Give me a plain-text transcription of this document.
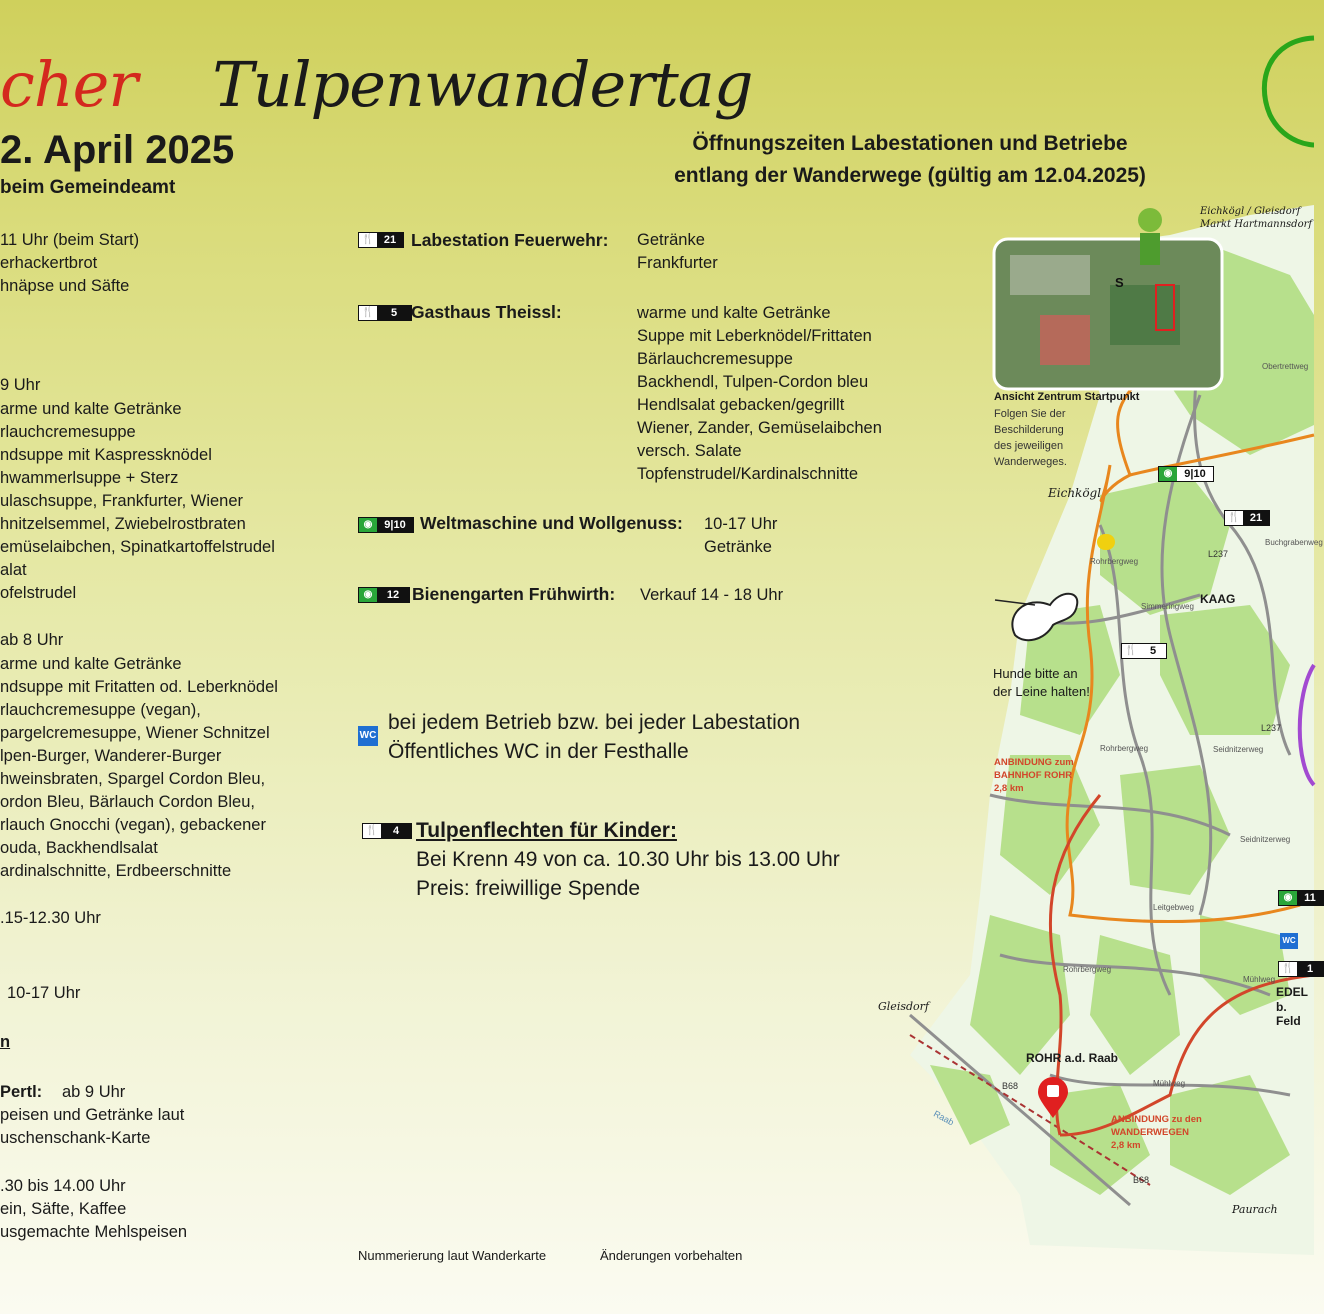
cher Tulpenwandertag
2. April 2025
beim Gemeindeamt
Öffnungszeiten Labestationen und Betriebe
entlang der Wanderwege (gültig am 12.04.2025)
11 Uhr (beim Start)
erhackertbrot
hnäpse und Säfte
9 Uhr
arme und kalte Getränke
rlauchcremesuppe
ndsuppe mit Kaspressknödel
hwammerlsuppe + Sterz
ulaschsuppe, Frankfurter, Wiener
hnitzelsemmel, Zwiebelrostbraten
emüselaibchen, Spinatkartoffelstrudel
alat
ofelstrudel
ab 8 Uhr
arme und kalte Getränke
ndsuppe mit Fritatten od. Leberknödel
rlauchcremesuppe (vegan),
pargelcremesuppe, Wiener Schnitzel
lpen-Burger, Wanderer-Burger
hweinsbraten, Spargel Cordon Bleu,
ordon Bleu, Bärlauch Cordon Bleu,
rlauch Gnocchi (vegan), gebackener
ouda, Backhendlsalat
ardinalschnitte, Erdbeerschnitte
.15-12.30 Uhr
10-17 Uhr
n
Pertl: ab 9 Uhr
peisen und Getränke laut
uschenschank-Karte
.30 bis 14.00 Uhr
ein, Säfte, Kaffee
usgemachte Mehlspeisen
🍴 21 Labestation Feuerwehr: Getränke
Frankfurter
🍴	5 Gasthaus Theissl:	warme und kalte Getränke
Suppe mit Leberknödel/Frittaten
Bärlauchcremesuppe
Backhendl, Tulpen-Cordon bleu
Hendlsalat gebacken/gegrillt
Wiener, Zander, Gemüselaibchen
versch. Salate
Topfenstrudel/Kardinalschnitte
◉	9|10 Weltmaschine und Wollgenuss: 10-17 Uhr
Getränke
◉	12 Bienengarten Frühwirth: Verkauf 14 - 18 Uhr
WC
bei jedem Betrieb bzw. bei jeder Labestation
Öffentliches WC in der Festhalle
🍴	4 Tulpenflechten für Kinder:
Bei Krenn 49 von ca. 10.30 Uhr bis 13.00 Uhr
Preis: freiwillige Spende
Nummerierung laut Wanderkarte	Änderungen vorbehalten
S
Ansicht Zentrum Startpunkt
Folgen Sie der
Beschilderung
des jeweiligen
Wanderweges.
Eichkögl / Gleisdorf
Markt Hartmannsdorf
Eichkögl
KAAG
ROHR a.d. Raab
EDEL
b. Feld
Gleisdorf
Paurach
B68
B68
L237
L237
Raab
Obertrettweg
Buchgrabenweg
Rohrbergweg
Simmeringweg
Seidnitzerweg
Leitgebweg
Mühlweg
Rohrbergweg
Seidnitzerweg
Rohrbergweg
Mühlweg
Hunde bitte an
der Leine halten!
ANBINDUNG zum
BAHNHOF ROHR
2,8 km
ANBINDUNG zu den
WANDERWEGEN
2,8 km
◉	9|10
🍴 21
🍴	5
◉	11
🍴	1
WC
